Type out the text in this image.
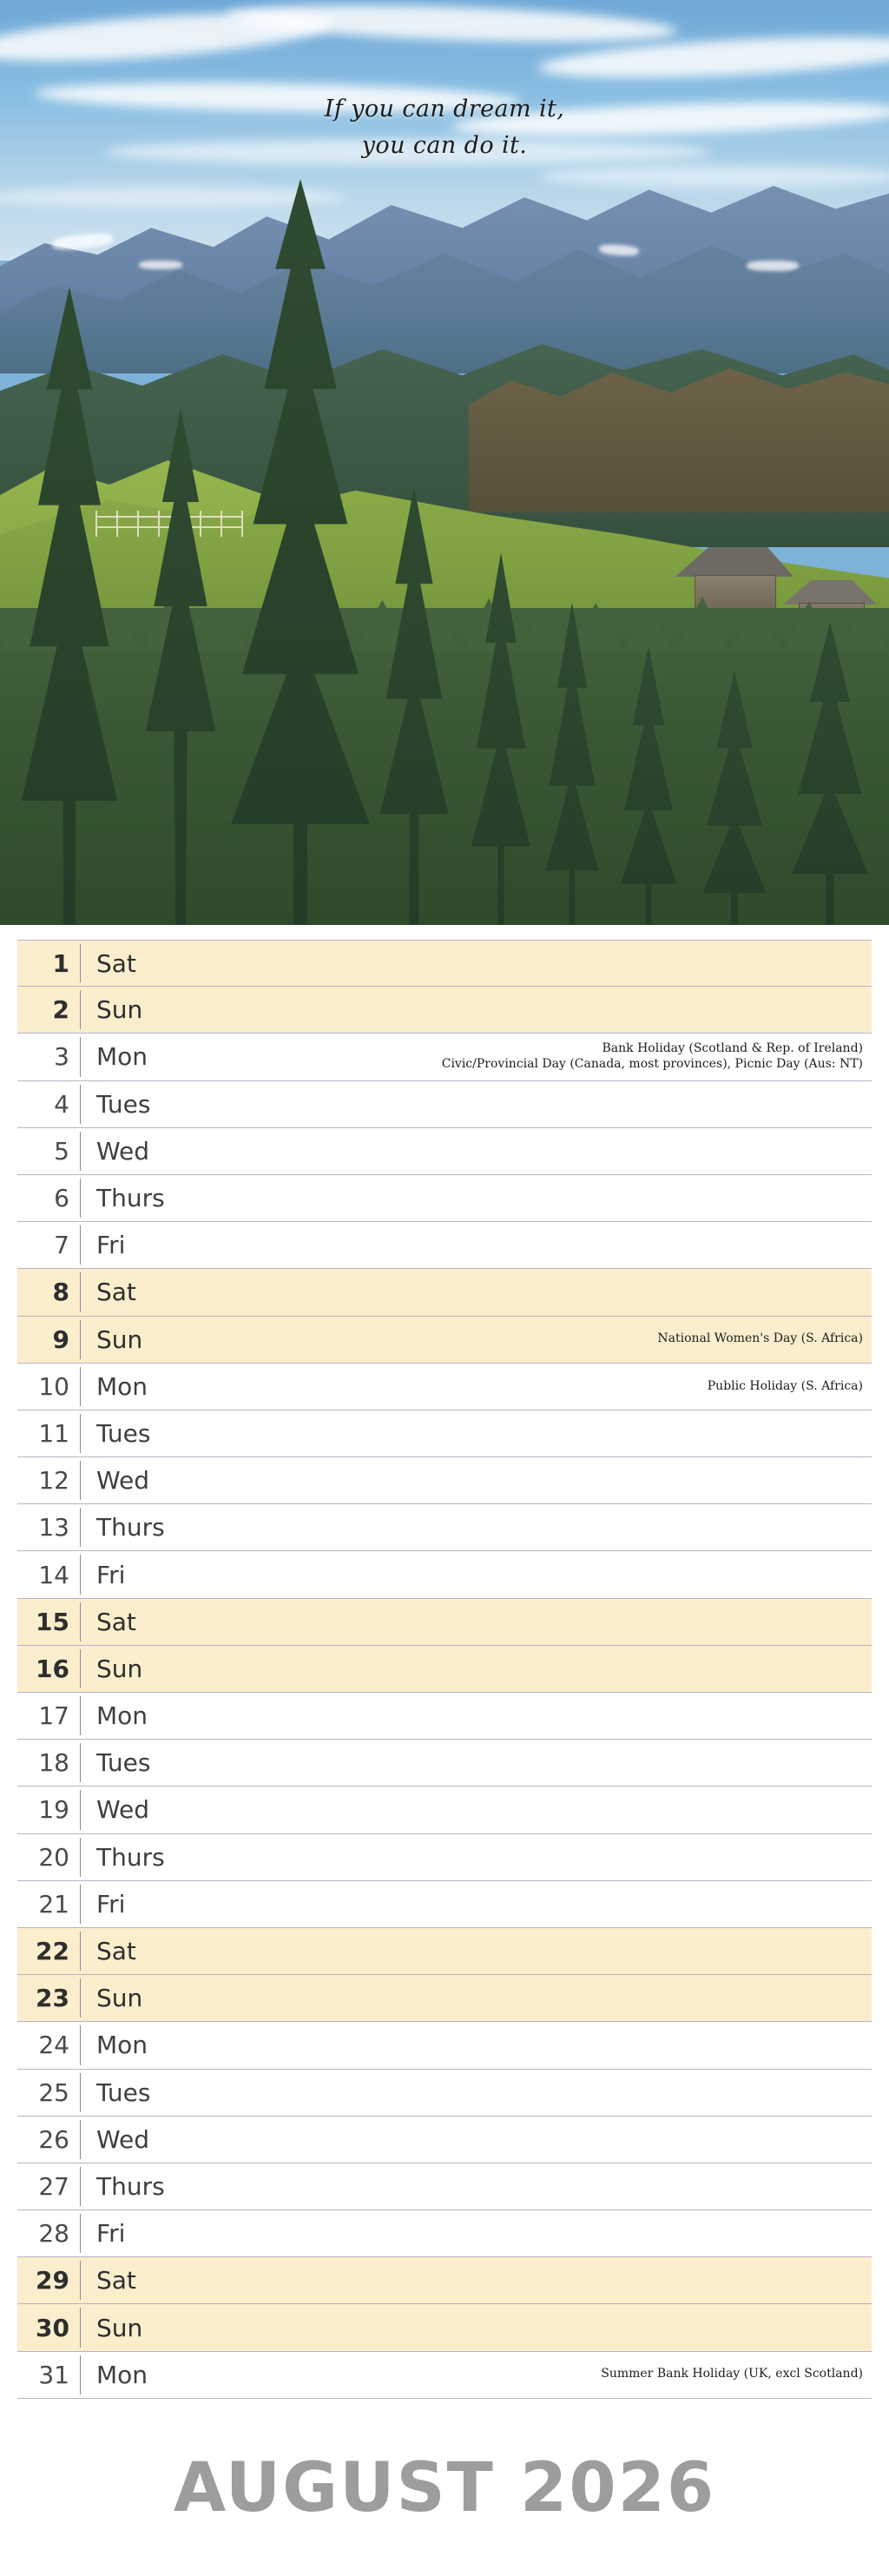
If you can dream it,
you can do it.
1	Sat
2	Sun
3	Mon	Bank Holiday (Scotland & Rep. of Ireland)
Civic/Provincial Day (Canada, most provinces), Picnic Day (Aus: NT)
4	Tues
5	Wed
6	Thurs
7	Fri
8	Sat
9	Sun	National Women's Day (S. Africa)
10	Mon	Public Holiday (S. Africa)
11	Tues
12	Wed
13	Thurs
14	Fri
15	Sat
16	Sun
17	Mon
18	Tues
19	Wed
20	Thurs
21	Fri
22	Sat
23	Sun
24	Mon
25	Tues
26	Wed
27	Thurs
28	Fri
29	Sat
30	Sun
31	Mon	Summer Bank Holiday (UK, excl Scotland)
AUGUST 2026
